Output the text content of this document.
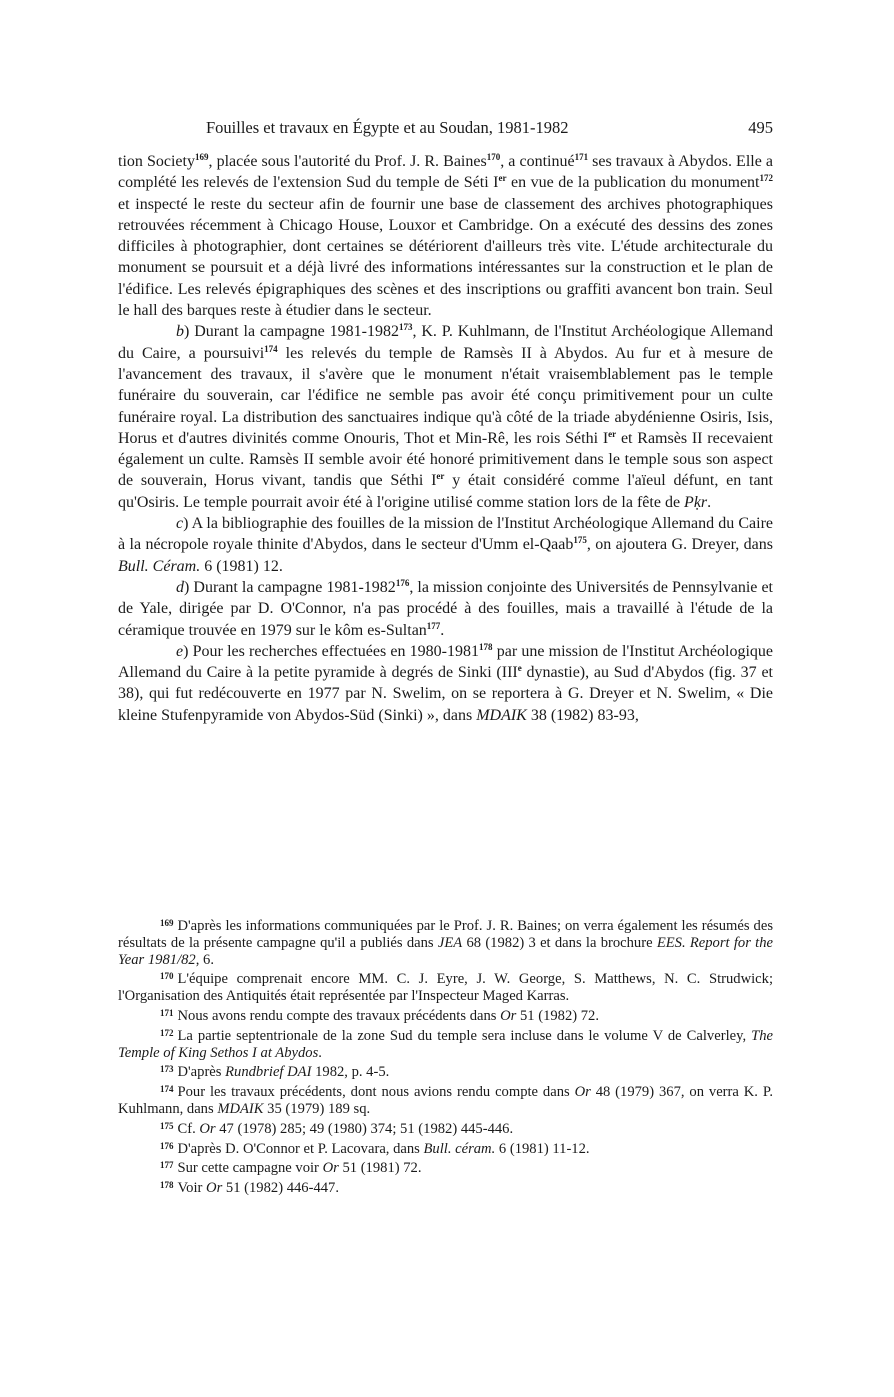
Fouilles et travaux en Égypte et au Soudan, 1981-1982	495

tion Society$^{169}$, placée sous l'autorité du Prof. J. R. Baines$^{170}$, a continué$^{171}$ ses travaux à Abydos. Elle a complété les relevés de l'extension Sud du temple de Séti Ier en vue de la publication du monument$^{172}$ et inspecté le reste du secteur afin de fournir une base de classement des archives photographiques retrouvées récemment à Chicago House, Louxor et Cambridge. On a exécuté des dessins des zones difficiles à photographier, dont certaines se détériorent d'ailleurs très vite. L'étude architecturale du monument se poursuit et a déjà livré des informations intéressantes sur la construction et le plan de l'édifice. Les relevés épigraphiques des scènes et des inscriptions ou graffiti avancent bon train. Seul le hall des barques reste à étudier dans le secteur.

b) Durant la campagne 1981-1982$^{173}$, K. P. Kuhlmann, de l'Institut Archéologique Allemand du Caire, a poursuivi$^{174}$ les relevés du temple de Ramsès II à Abydos. Au fur et à mesure de l'avancement des travaux, il s'avère que le monument n'était vraisemblablement pas le temple funéraire du souverain, car l'édifice ne semble pas avoir été conçu primitivement pour un culte funéraire royal. La distribution des sanctuaires indique qu'à côté de la triade abydénienne Osiris, Isis, Horus et d'autres divinités comme Onouris, Thot et Min-Rê, les rois Séthi Ier et Ramsès II recevaient également un culte. Ramsès II semble avoir été honoré primitivement dans le temple sous son aspect de souverain, Horus vivant, tandis que Séthi Ier y était considéré comme l'aïeul défunt, en tant qu'Osiris. Le temple pourrait avoir été à l'origine utilisé comme station lors de la fête de Pḳr.

c) A la bibliographie des fouilles de la mission de l'Institut Archéologique Allemand du Caire à la nécropole royale thinite d'Abydos, dans le secteur d'Umm el-Qaab$^{175}$, on ajoutera G. Dreyer, dans Bull. Céram. 6 (1981) 12.

d) Durant la campagne 1981-1982$^{176}$, la mission conjointe des Universités de Pennsylvanie et de Yale, dirigée par D. O'Connor, n'a pas procédé à des fouilles, mais a travaillé à l'étude de la céramique trouvée en 1979 sur le kôm es-Sultan$^{177}$.

e) Pour les recherches effectuées en 1980-1981$^{178}$ par une mission de l'Institut Archéologique Allemand du Caire à la petite pyramide à degrés de Sinki (IIIe dynastie), au Sud d'Abydos (fig. 37 et 38), qui fut redécouverte en 1977 par N. Swelim, on se reportera à G. Dreyer et N. Swelim, « Die kleine Stufenpyramide von Abydos-Süd (Sinki) », dans MDAIK 38 (1982) 83-93,

$^{169}$ D'après les informations communiquées par le Prof. J. R. Baines; on verra également les résumés des résultats de la présente campagne qu'il a publiés dans JEA 68 (1982) 3 et dans la brochure EES. Report for the Year 1981/82, 6.

$^{170}$ L'équipe comprenait encore MM. C. J. Eyre, J. W. George, S. Matthews, N. C. Strudwick; l'Organisation des Antiquités était représentée par l'Inspecteur Maged Karras.

$^{171}$ Nous avons rendu compte des travaux précédents dans Or 51 (1982) 72.

$^{172}$ La partie septentrionale de la zone Sud du temple sera incluse dans le volume V de Calverley, The Temple of King Sethos I at Abydos.

$^{173}$ D'après Rundbrief DAI 1982, p. 4-5.

$^{174}$ Pour les travaux précédents, dont nous avions rendu compte dans Or 48 (1979) 367, on verra K. P. Kuhlmann, dans MDAIK 35 (1979) 189 sq.

$^{175}$ Cf. Or 47 (1978) 285; 49 (1980) 374; 51 (1982) 445-446.

$^{176}$ D'après D. O'Connor et P. Lacovara, dans Bull. céram. 6 (1981) 11-12.

$^{177}$ Sur cette campagne voir Or 51 (1981) 72.

$^{178}$ Voir Or 51 (1982) 446-447.
